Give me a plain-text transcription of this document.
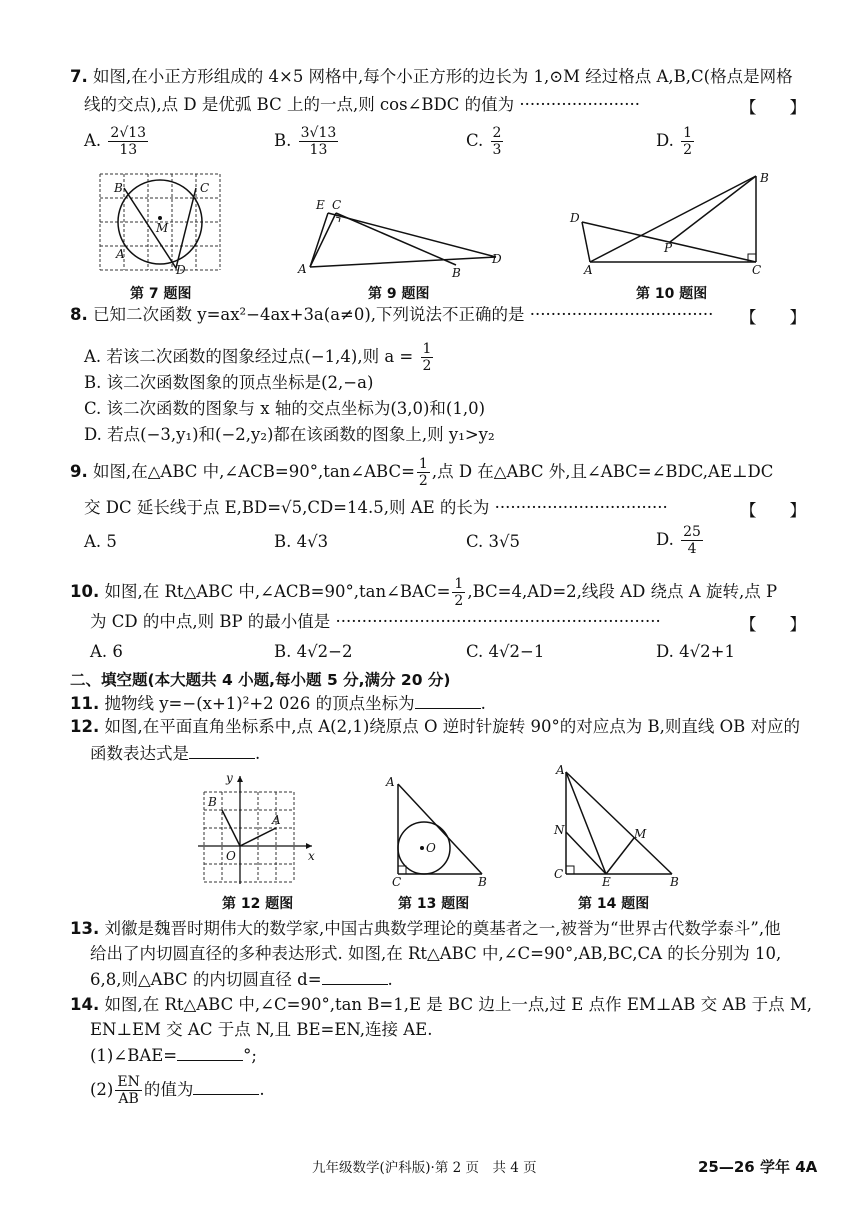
7. 如图,在小正方形组成的 4×5 网格中,每个小正方形的边长为 1,⊙M 经过格点 A,B,C(格点是网格
线的交点),点 D 是优弧 BC 上的一点,则 cos∠BDC 的值为 ·······················	【　　】
A. $\frac{2√13}{13}$	B. $\frac{3√13}{13}$	C. $\frac{2}{3}$	D. $\frac{1}{2}$
B	C
M
A
D
第 7 题图
E C
A	B
D
第 9 题图
B
D
P
A	C
第 10 题图
8. 已知二次函数 y=ax²−4ax+3a(a≠0),下列说法不正确的是 ···································	【　　】
A. 若该二次函数的图象经过点(−1,4),则 $a = \frac{1}{2}$
B. 该二次函数图象的顶点坐标是(2,−a)
C. 该二次函数的图象与 x 轴的交点坐标为(3,0)和(1,0)
D. 若点(−3,y₁)和(−2,y₂)都在该函数的图象上,则 y₁>y₂
9. 如图,在△ABC 中,∠ACB=90°,tan∠ABC= $\frac{1}{2}$ ,点 D 在△ABC 外,且∠ABC=∠BDC,AE⊥DC
交 DC 延长线于点 E,BD=√5,CD=14.5,则 AE 的长为 ·································	【　　】
A. 5	B. 4√3	C. 3√5	D. $\frac{25}{4}$
10. 如图,在 Rt△ABC 中,∠ACB=90°,tan∠BAC= $\frac{1}{2} ,BC=4,AD=2$,线段 AD 绕点 A 旋转,点 P
为 CD 的中点,则 BP 的最小值是 ······························································	【　　】
A. 6	B. 4√2−2	C. 4√2−1	D. 4√2+1
二、填空题(本大题共 4 小题,每小题 5 分,满分 20 分)
11. 抛物线 y=−(x+1)²+2 026 的顶点坐标为	.
12. 如图,在平面直角坐标系中,点 A(2,1)绕原点 O 逆时针旋转 90°的对应点为 B,则直线 OB 对应的
函数表达式是	.
y
x
B
A
O
第 12 题图
A
O
C	B
第 13 题图
A
N	M
C
E	B
第 14 题图
13. 刘徽是魏晋时期伟大的数学家,中国古典数学理论的奠基者之一,被誉为“世界古代数学泰斗”,他
给出了内切圆直径的多种表达形式. 如图,在 Rt△ABC 中,∠C=90°,AB,BC,CA 的长分别为 10,
6,8,则△ABC 的内切圆直径 d=	.
14. 如图,在 Rt△ABC 中,∠C=90°,tan B=1,E 是 BC 边上一点,过 E 点作 EM⊥AB 交 AB 于点 M,
EN⊥EM 交 AC 于点 N,且 BE=EN,连接 AE.
(1)∠BAE=	°;
$(2) \frac{EN}{AB}$ 的值为	.
九年级数学(沪科版)·第 2 页　共 4 页	25—26 学年 4A
